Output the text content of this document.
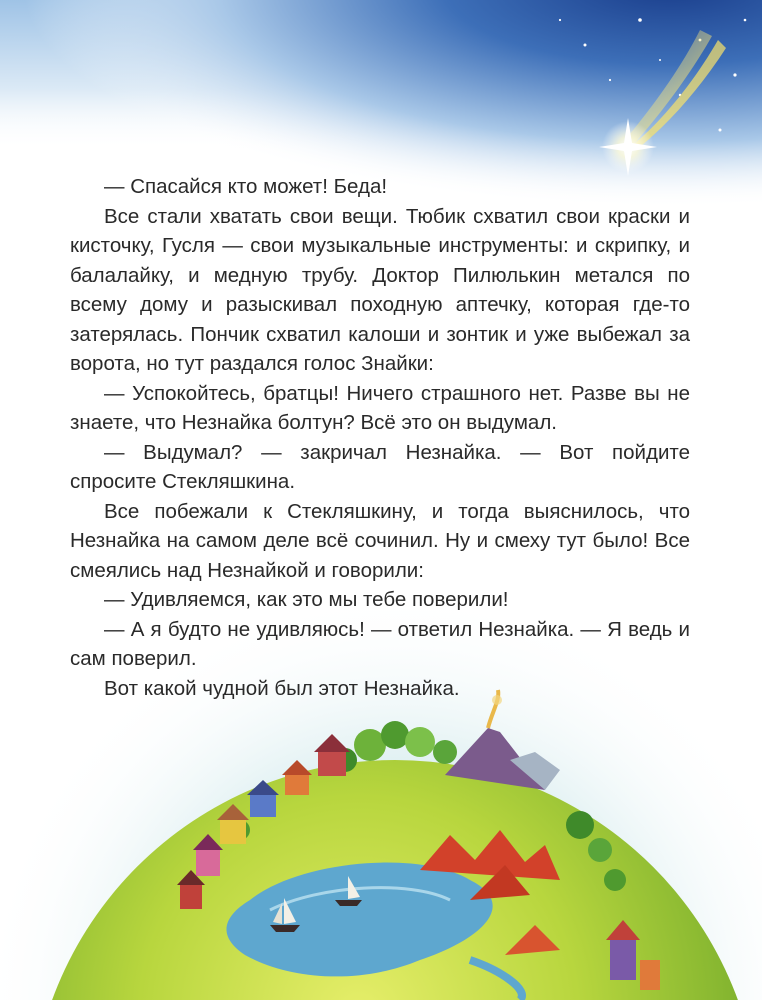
— Спасайся кто может! Беда!

Все стали хватать свои вещи. Тюбик схватил свои краски и кисточку, Гусля — свои музыкальные инструменты: и скрипку, и балалайку, и медную трубу. Доктор Пилюлькин метался по всему дому и разыскивал походную аптечку, которая где-то затерялась. Пончик схватил калоши и зонтик и уже выбежал за ворота, но тут раздался голос Знайки:

— Успокойтесь, братцы! Ничего страшного нет. Разве вы не знаете, что Незнайка болтун? Всё это он выдумал.

— Выдумал? — закричал Незнайка. — Вот пойдите спросите Стекляшкина.

Все побежали к Стекляшкину, и тогда выяснилось, что Незнайка на самом деле всё сочинил. Ну и смеху тут было! Все смеялись над Незнайкой и говорили:

— Удивляемся, как это мы тебе поверили!

— А я будто не удивляюсь! — ответил Незнайка. — Я ведь и сам поверил.

Вот какой чудной был этот Незнайка.
